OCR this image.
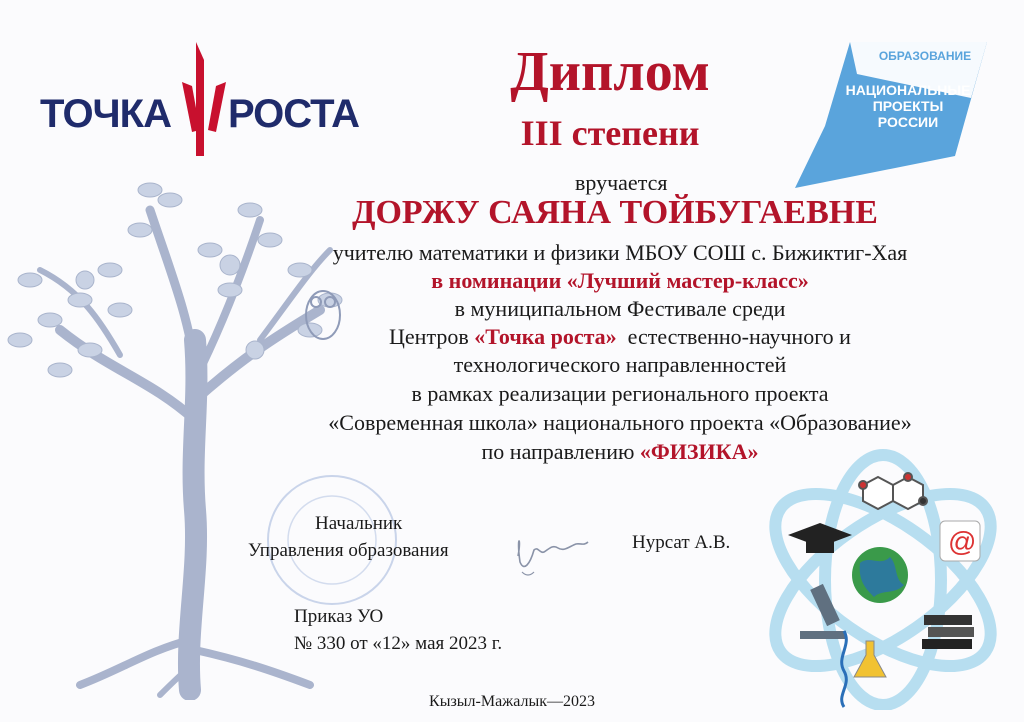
ТОЧКА РОСТА
Диплом
III степени
ОБРАЗОВАНИЕ
НАЦИОНАЛЬНЫЕ
ПРОЕКТЫ
РОССИИ
вручается
ДОРЖУ САЯНА ТОЙБУГАЕВНЕ
учителю математики и физики МБОУ СОШ с. Бижиктиг-Хая
в номинации «Лучший мастер-класс»
в муниципальном Фестивале среди
Центров «Точка роста»  естественно-научного и
технологического направленностей
в рамках реализации регионального проекта
«Современная школа» национального проекта «Образование»
по направлению «ФИЗИКА»
Начальник
Управления образования	Нурсат А.В.
Приказ УО
№ 330 от «12» мая 2023 г.
@
Кызыл-Мажалык—2023
